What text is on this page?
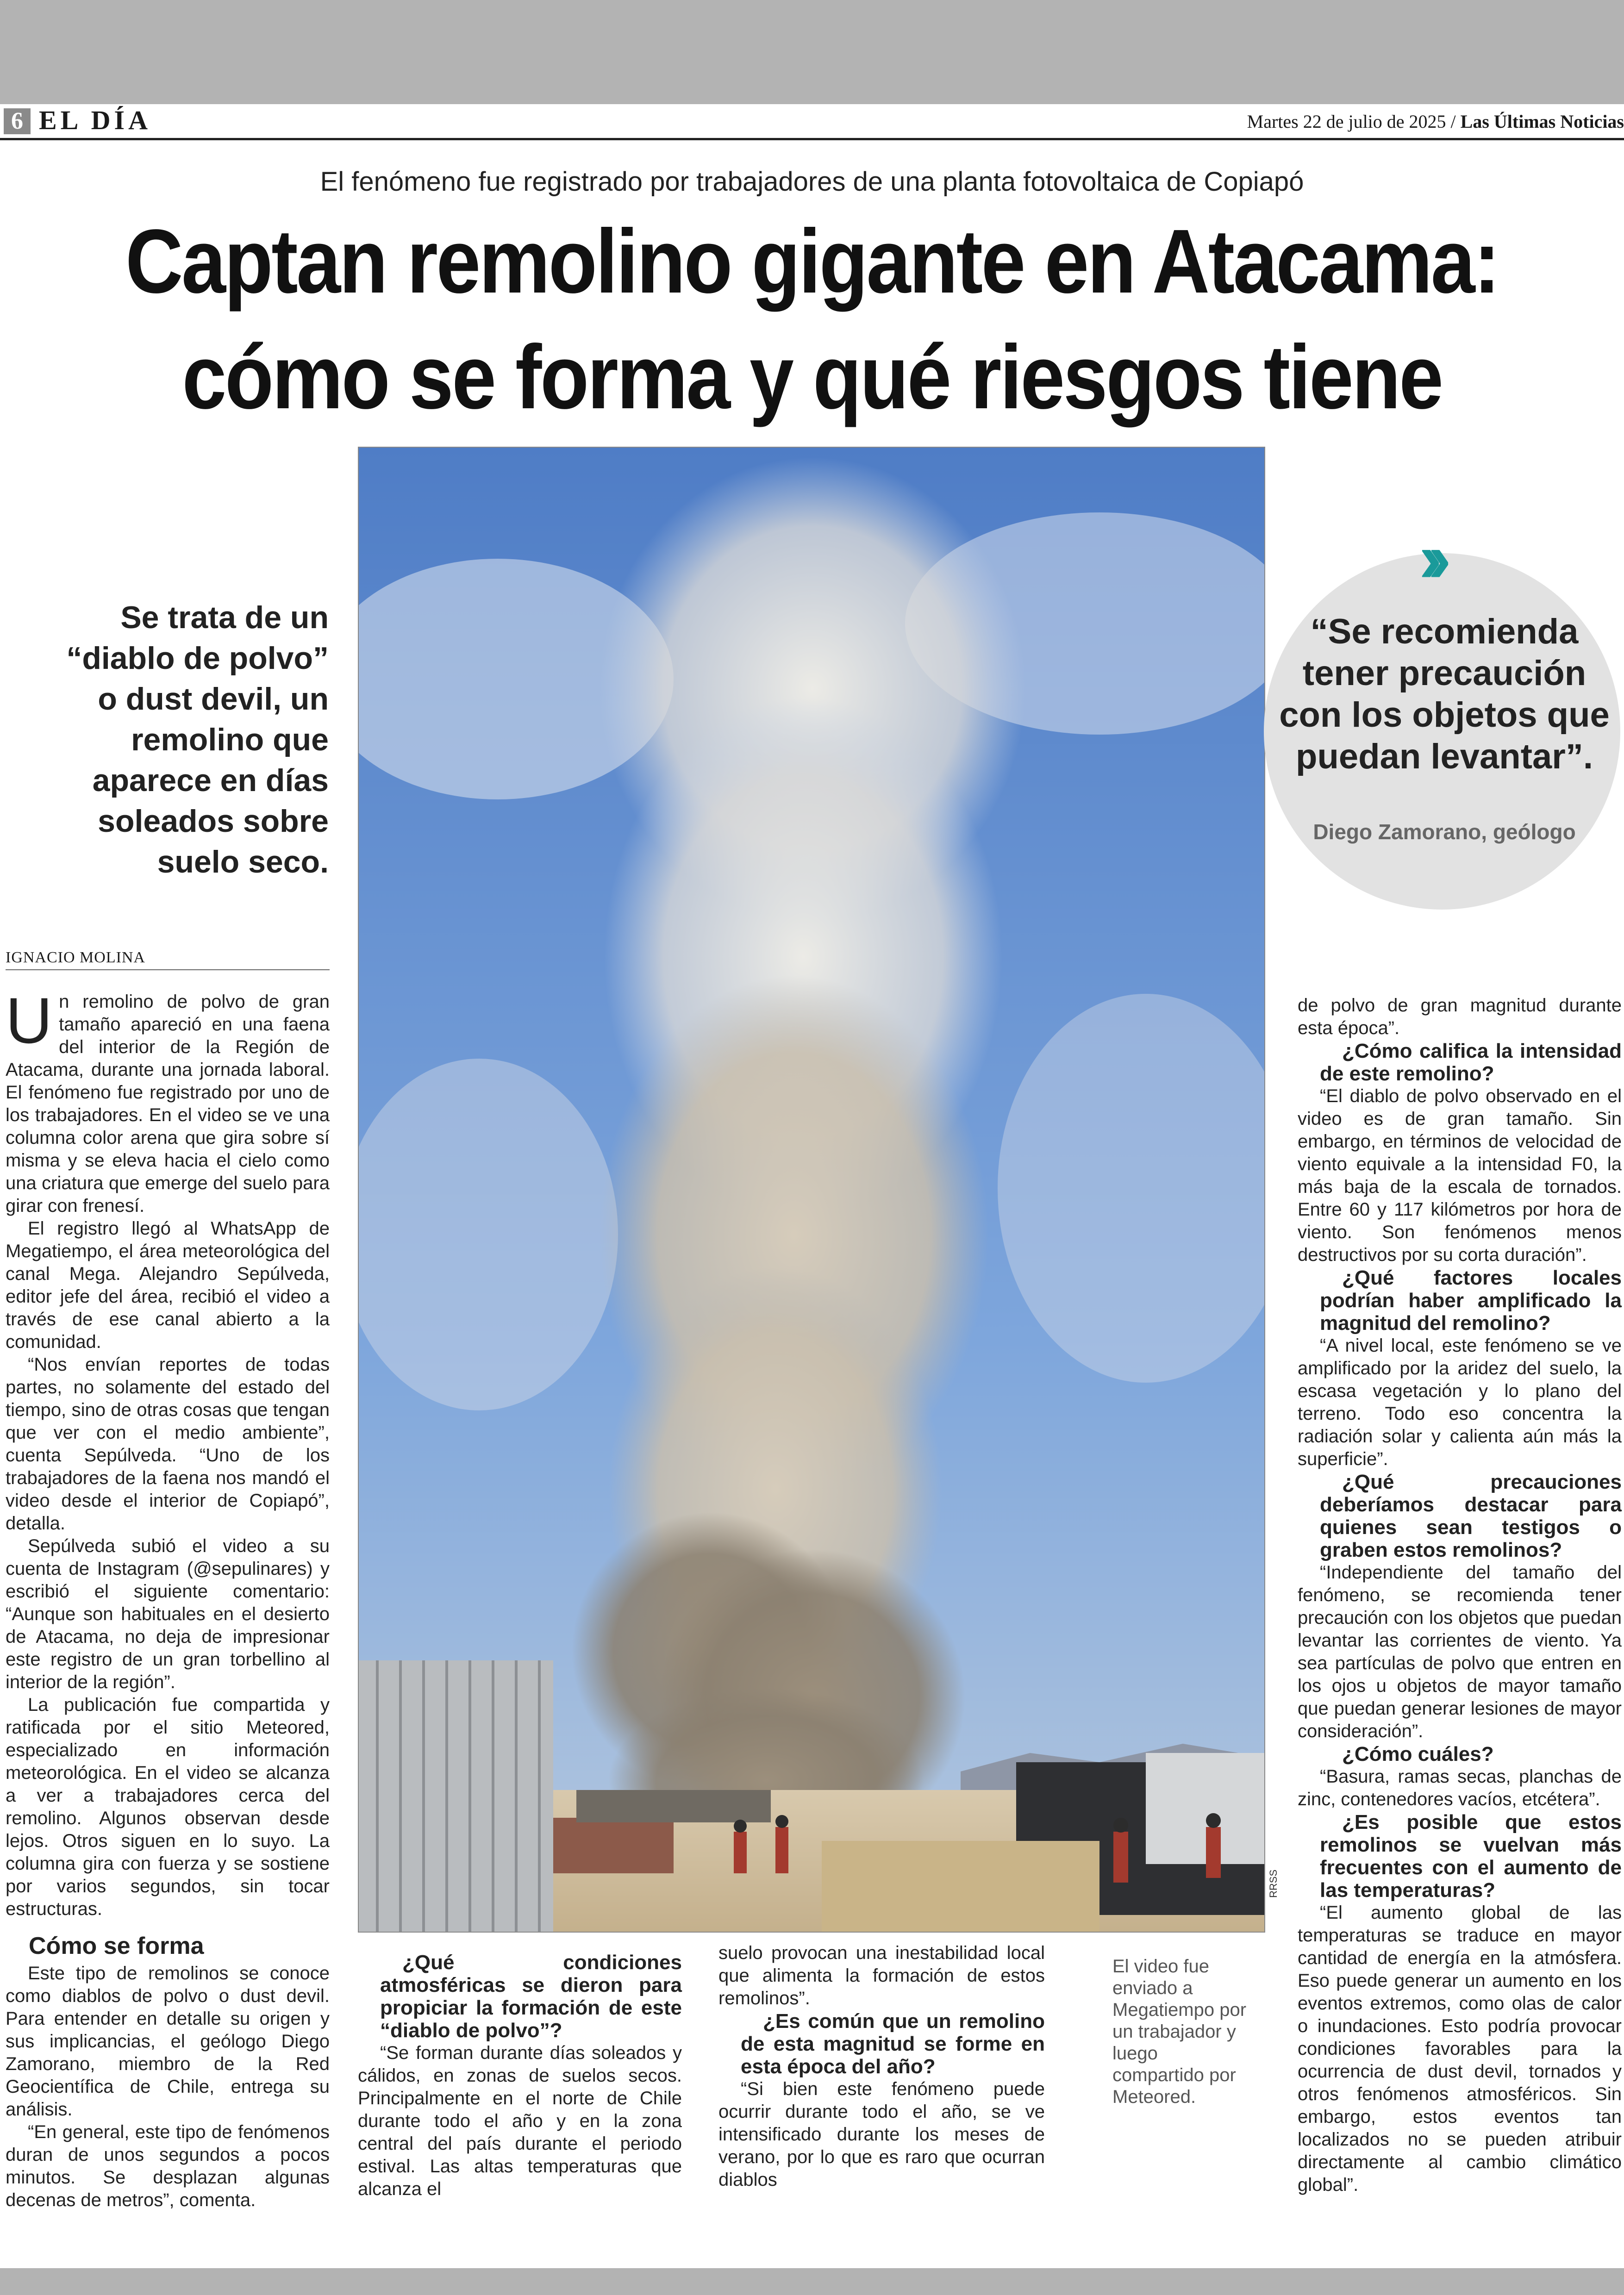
6 EL DÍA	Martes 22 de julio de 2025 / Las Últimas Noticias
El fenómeno fue registrado por trabajadores de una planta fotovoltaica de Copiapó
Captan remolino gigante en Atacama:
cómo se forma y qué riesgos tiene
RRSS
Se trata de un “diablo de polvo” o dust devil, un remolino que aparece en días soleados sobre suelo seco.
››
“Se recomienda tener precaución con los objetos que puedan levantar”.
Diego Zamorano, geólogo
IGNACIO MOLINA

Un remolino de polvo de gran tamaño apareció en una faena del interior de la Región de Atacama, durante una jornada laboral. El fenómeno fue registrado por uno de los trabajadores. En el video se ve una columna color arena que gira sobre sí misma y se eleva hacia el cielo como una criatura que emerge del suelo para girar con frenesí.

El registro llegó al WhatsApp de Megatiempo, el área meteorológica del canal Mega. Alejandro Sepúlveda, editor jefe del área, recibió el video a través de ese canal abierto a la comunidad.

“Nos envían reportes de todas partes, no solamente del estado del tiempo, sino de otras cosas que tengan que ver con el medio ambiente”, cuenta Sepúlveda. “Uno de los trabajadores de la faena nos mandó el video desde el interior de Copiapó”, detalla.

Sepúlveda subió el video a su cuenta de Instagram (@sepulinares) y escribió el siguiente comentario: “Aunque son habituales en el desierto de Atacama, no deja de impresionar este registro de un gran torbellino al interior de la región”.

La publicación fue compartida y ratificada por el sitio Meteored, especializado en información meteorológica. En el video se alcanza a ver a trabajadores cerca del remolino. Algunos observan desde lejos. Otros siguen en lo suyo. La columna gira con fuerza y se sostiene por varios segundos, sin tocar estructuras.

Cómo se forma

Este tipo de remolinos se conoce como diablos de polvo o dust devil. Para entender en detalle su origen y sus implicancias, el geólogo Diego Zamorano, miembro de la Red Geocientífica de Chile, entrega su análisis.

“En general, este tipo de fenómenos duran de unos segundos a pocos minutos. Se desplazan algunas decenas de metros”, comenta.

¿Qué condiciones atmosféricas se dieron para propiciar la formación de este “diablo de polvo”?

“Se forman durante días soleados y cálidos, en zonas de suelos secos. Principalmente en el norte de Chile durante todo el año y en la zona central del país durante el periodo estival. Las altas temperaturas que alcanza el

suelo provocan una inestabilidad local que alimenta la formación de estos remolinos”.

¿Es común que un remolino de esta magnitud se forme en esta época del año?

“Si bien este fenómeno puede ocurrir durante todo el año, se ve intensificado durante los meses de verano, por lo que es raro que ocurran diablos

El video fue enviado a Megatiempo por un trabajador y luego compartido por Meteored.

de polvo de gran magnitud durante esta época”.

¿Cómo califica la intensidad de este remolino?

“El diablo de polvo observado en el video es de gran tamaño. Sin embargo, en términos de velocidad de viento equivale a la intensidad F0, la más baja de la escala de tornados. Entre 60 y 117 kilómetros por hora de viento. Son fenómenos menos destructivos por su corta duración”.

¿Qué factores locales podrían haber amplificado la magnitud del remolino?

“A nivel local, este fenómeno se ve amplificado por la aridez del suelo, la escasa vegetación y lo plano del terreno. Todo eso concentra la radiación solar y calienta aún más la superficie”.

¿Qué precauciones deberíamos destacar para quienes sean testigos o graben estos remolinos?

“Independiente del tamaño del fenómeno, se recomienda tener precaución con los objetos que puedan levantar las corrientes de viento. Ya sea partículas de polvo que entren en los ojos u objetos de mayor tamaño que puedan generar lesiones de mayor consideración”.

¿Cómo cuáles?

“Basura, ramas secas, planchas de zinc, contenedores vacíos, etcétera”.

¿Es posible que estos remolinos se vuelvan más frecuentes con el aumento de las temperaturas?

“El aumento global de las temperaturas se traduce en mayor cantidad de energía en la atmósfera. Eso puede generar un aumento en los eventos extremos, como olas de calor o inundaciones. Esto podría provocar condiciones favorables para la ocurrencia de dust devil, tornados y otros fenómenos atmosféricos. Sin embargo, estos eventos tan localizados no se pueden atribuir directamente al cambio climático global”.
